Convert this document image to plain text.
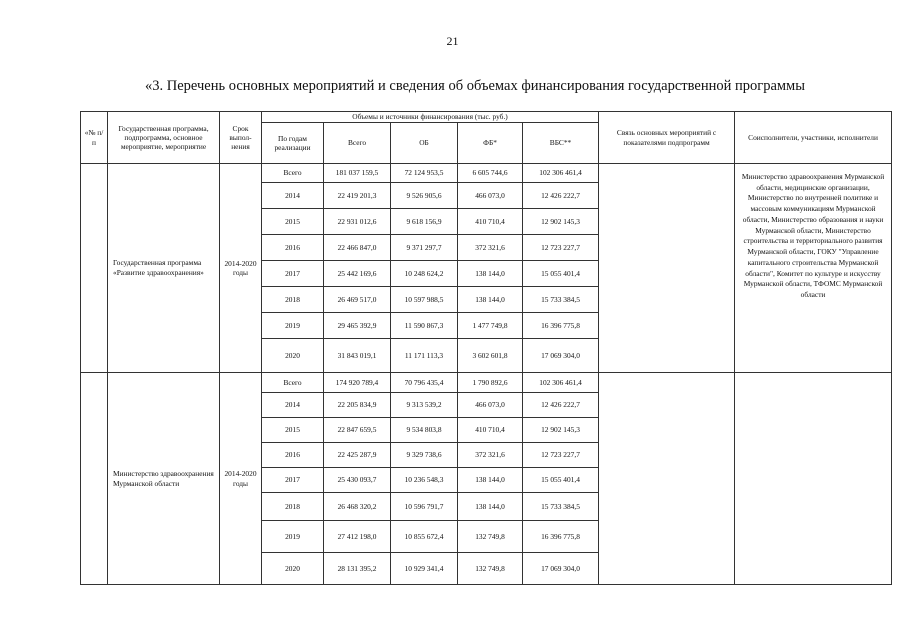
21
«3. Перечень основных мероприятий и сведения об объемах финансирования государственной программы
«№ п/п	Государственная программа, подпрограмма, основное мероприятие, мероприятие	Срок выпол-нения	Объемы и источники финансирования (тыс. руб.)					Связь основных мероприятий с показателями подпрограмм	Соисполнители, участники, исполнители
			По годам реализации	Всего	ОБ	ФБ*	ВБС**		
	Государственная программа «Развитие здравоохранения»	2014-2020 годы	Всего	181 037 159,5	72 124 953,5	6 605 744,6	102 306 461,4		Министерство здравоохранения Мурманской области, медицинские организации, Министерство по внутренней политике и массовым коммуникациям Мурманской области, Министерство образования и науки Мурманской области, Министерство строительства и территориального развития Мурманской области, ГОКУ "Управление капитального строительства Мурманской области", Комитет по культуре и искусству Мурманской области, ТФОМС Мурманской области
			2014	22 419 201,3	9 526 905,6	466 073,0	12 426 222,7		
			2015	22 931 012,6	9 618 156,9	410 710,4	12 902 145,3		
			2016	22 466 847,0	9 371 297,7	372 321,6	12 723 227,7		
			2017	25 442 169,6	10 248 624,2	138 144,0	15 055 401,4		
			2018	26 469 517,0	10 597 988,5	138 144,0	15 733 384,5		
			2019	29 465 392,9	11 590 867,3	1 477 749,8	16 396 775,8		
			2020	31 843 019,1	11 171 113,3	3 602 601,8	17 069 304,0		
	Министерство здравоохранения Мурманской области	2014-2020 годы	Всего	174 920 789,4	70 796 435,4	1 790 892,6	102 306 461,4		
			2014	22 205 834,9	9 313 539,2	466 073,0	12 426 222,7		
			2015	22 847 659,5	9 534 803,8	410 710,4	12 902 145,3		
			2016	22 425 287,9	9 329 738,6	372 321,6	12 723 227,7		
			2017	25 430 093,7	10 236 548,3	138 144,0	15 055 401,4		
			2018	26 468 320,2	10 596 791,7	138 144,0	15 733 384,5		
			2019	27 412 198,0	10 855 672,4	132 749,8	16 396 775,8		
			2020	28 131 395,2	10 929 341,4	132 749,8	17 069 304,0		
